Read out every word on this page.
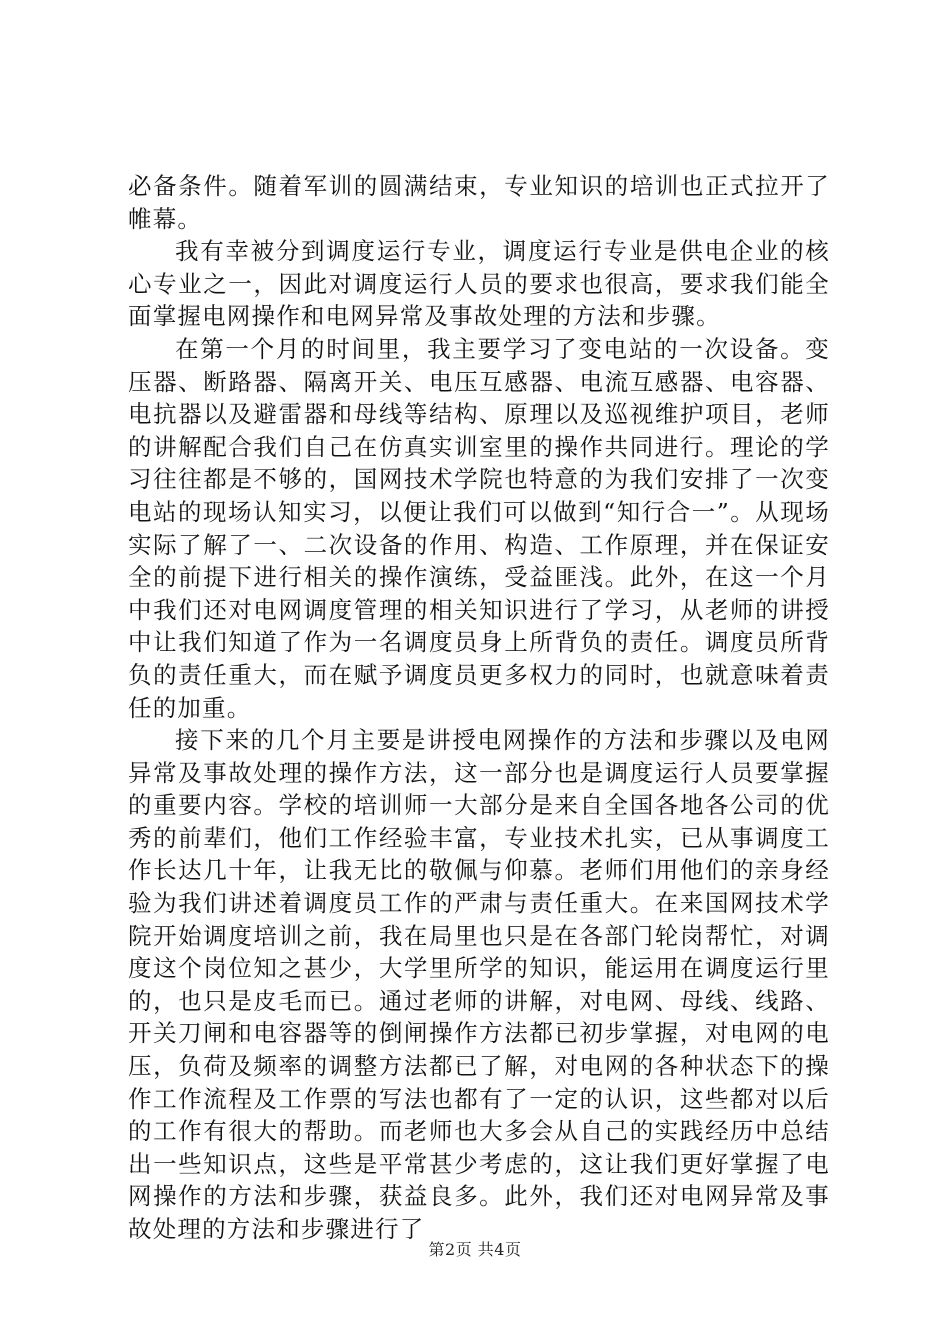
必备条件。随着军训的圆满结束，专业知识的培训也正式拉开了帷幕。

我有幸被分到调度运行专业，调度运行专业是供电企业的核心专业之一，因此对调度运行人员的要求也很高，要求我们能全面掌握电网操作和电网异常及事故处理的方法和步骤。

在第一个月的时间里，我主要学习了变电站的一次设备。变压器、断路器、隔离开关、电压互感器、电流互感器、电容器、电抗器以及避雷器和母线等结构、原理以及巡视维护项目，老师的讲解配合我们自己在仿真实训室里的操作共同进行。理论的学习往往都是不够的，国网技术学院也特意的为我们安排了一次变电站的现场认知实习，以便让我们可以做到“知行合一”。从现场实际了解了一、二次设备的作用、构造、工作原理，并在保证安全的前提下进行相关的操作演练，受益匪浅。此外，在这一个月中我们还对电网调度管理的相关知识进行了学习，从老师的讲授中让我们知道了作为一名调度员身上所背负的责任。调度员所背负的责任重大，而在赋予调度员更多权力的同时，也就意味着责任的加重。

接下来的几个月主要是讲授电网操作的方法和步骤以及电网异常及事故处理的操作方法，这一部分也是调度运行人员要掌握的重要内容。学校的培训师一大部分是来自全国各地各公司的优秀的前辈们，他们工作经验丰富，专业技术扎实，已从事调度工作长达几十年，让我无比的敬佩与仰慕。老师们用他们的亲身经验为我们讲述着调度员工作的严肃与责任重大。在来国网技术学院开始调度培训之前，我在局里也只是在各部门轮岗帮忙，对调度这个岗位知之甚少，大学里所学的知识，能运用在调度运行里的，也只是皮毛而已。通过老师的讲解，对电网、母线、线路、开关刀闸和电容器等的倒闸操作方法都已初步掌握，对电网的电压，负荷及频率的调整方法都已了解，对电网的各种状态下的操作工作流程及工作票的写法也都有了一定的认识，这些都对以后的工作有很大的帮助。而老师也大多会从自己的实践经历中总结出一些知识点，这些是平常甚少考虑的，这让我们更好掌握了电网操作的方法和步骤，获益良多。此外，我们还对电网异常及事故处理的方法和步骤进行了

第2页 共4页
